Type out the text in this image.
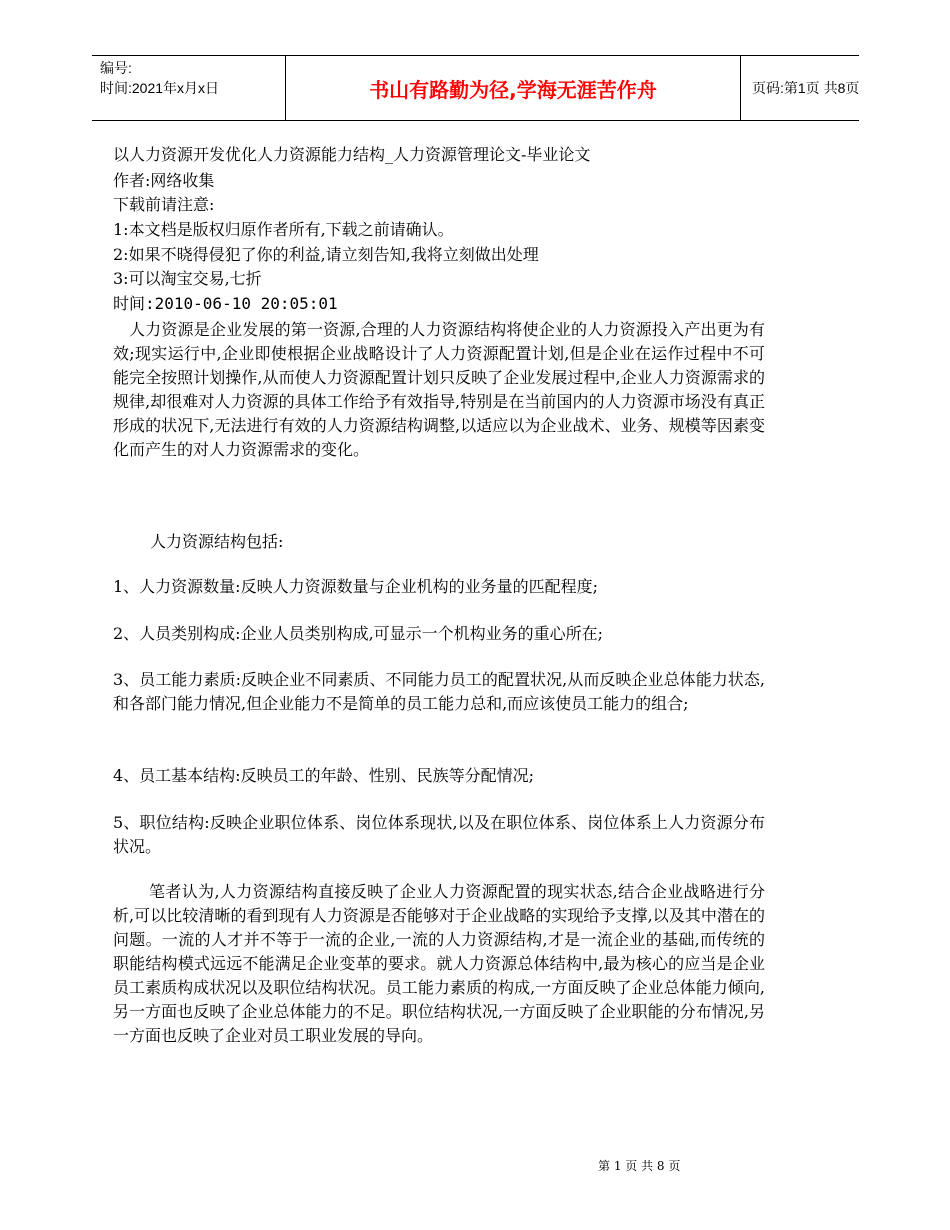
编号:
时间:2021年x月x日	书山有路勤为径,学海无涯苦作舟	页码:第1页 共8页
以人力资源开发优化人力资源能力结构_人力资源管理论文-毕业论文
作者:网络收集
下载前请注意:
1:本文档是版权归原作者所有,下载之前请确认。
2:如果不晓得侵犯了你的利益,请立刻告知,我将立刻做出处理
3:可以淘宝交易,七折
时间:2010-06-10 20:05:01
人力资源是企业发展的第一资源,合理的人力资源结构将使企业的人力资源投入产出更为有效;现实运行中,企业即使根据企业战略设计了人力资源配置计划,但是企业在运作过程中不可能完全按照计划操作,从而使人力资源配置计划只反映了企业发展过程中,企业人力资源需求的规律,却很难对人力资源的具体工作给予有效指导,特别是在当前国内的人力资源市场没有真正形成的状况下,无法进行有效的人力资源结构调整,以适应以为企业战术、业务、规模等因素变化而产生的对人力资源需求的变化。
人力资源结构包括:
1、人力资源数量:反映人力资源数量与企业机构的业务量的匹配程度;
2、人员类别构成:企业人员类别构成,可显示一个机构业务的重心所在;
3、员工能力素质:反映企业不同素质、不同能力员工的配置状况,从而反映企业总体能力状态,和各部门能力情况,但企业能力不是简单的员工能力总和,而应该使员工能力的组合;
4、员工基本结构:反映员工的年龄、性别、民族等分配情况;
5、职位结构:反映企业职位体系、岗位体系现状,以及在职位体系、岗位体系上人力资源分布状况。
笔者认为,人力资源结构直接反映了企业人力资源配置的现实状态,结合企业战略进行分析,可以比较清晰的看到现有人力资源是否能够对于企业战略的实现给予支撑,以及其中潜在的问题。一流的人才并不等于一流的企业,一流的人力资源结构,才是一流企业的基础,而传统的职能结构模式远远不能满足企业变革的要求。就人力资源总体结构中,最为核心的应当是企业员工素质构成状况以及职位结构状况。员工能力素质的构成,一方面反映了企业总体能力倾向,另一方面也反映了企业总体能力的不足。职位结构状况,一方面反映了企业职能的分布情况,另一方面也反映了企业对员工职业发展的导向。
第 1 页 共 8 页
